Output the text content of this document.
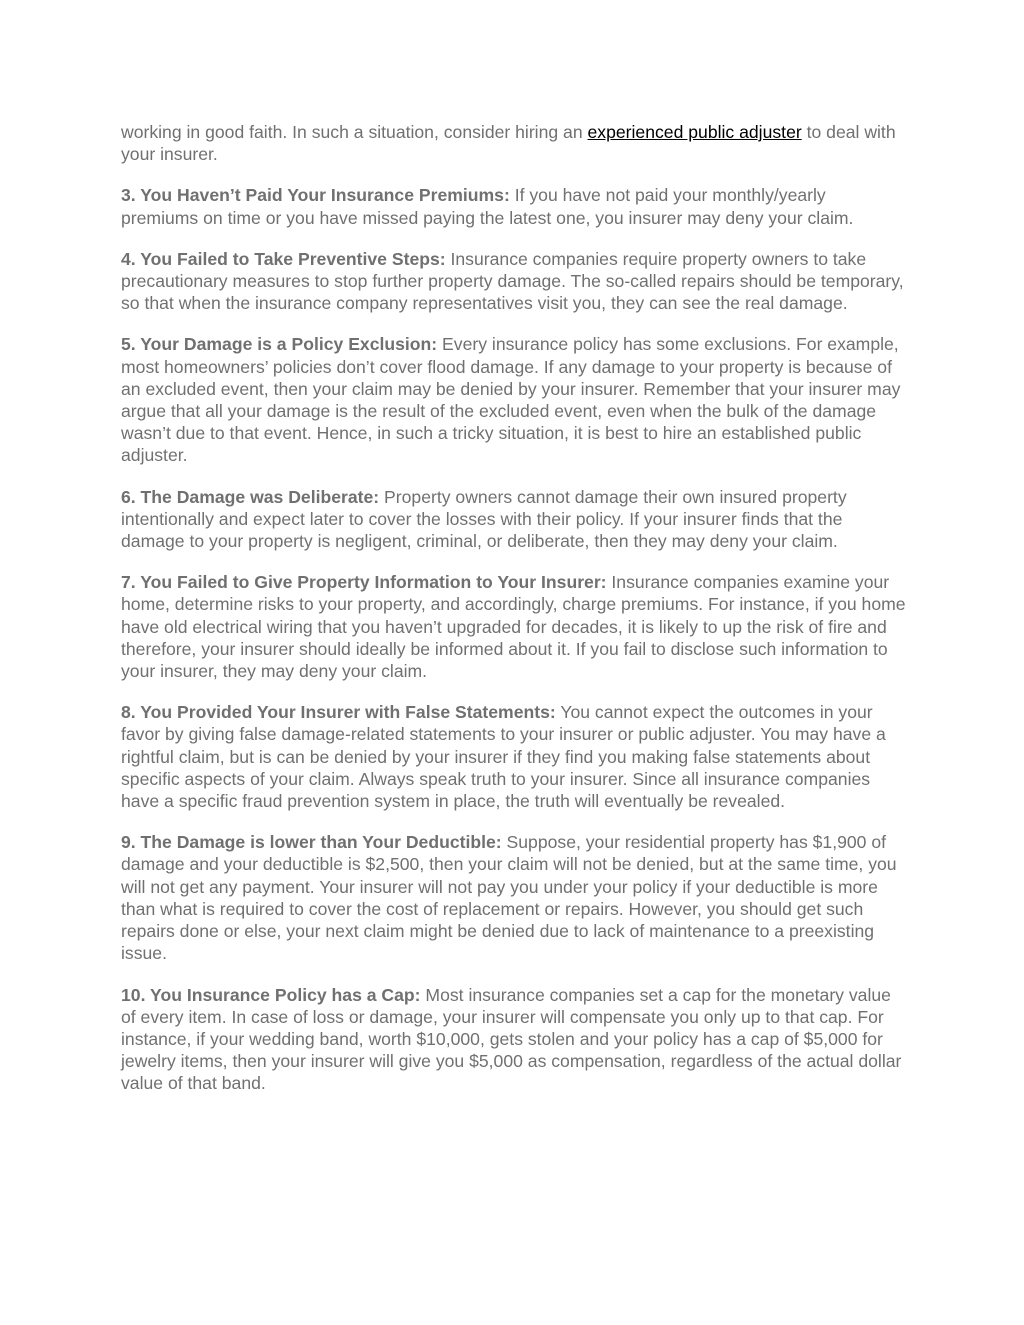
working in good faith. In such a situation, consider hiring an experienced public adjuster to deal with your insurer.

3. You Haven’t Paid Your Insurance Premiums: If you have not paid your monthly/yearly premiums on time or you have missed paying the latest one, you insurer may deny your claim.

4. You Failed to Take Preventive Steps: Insurance companies require property owners to take precautionary measures to stop further property damage. The so-called repairs should be temporary, so that when the insurance company representatives visit you, they can see the real damage.

5. Your Damage is a Policy Exclusion: Every insurance policy has some exclusions. For example, most homeowners’ policies don’t cover flood damage. If any damage to your property is because of an excluded event, then your claim may be denied by your insurer. Remember that your insurer may argue that all your damage is the result of the excluded event, even when the bulk of the damage wasn’t due to that event. Hence, in such a tricky situation, it is best to hire an established public adjuster.

6. The Damage was Deliberate: Property owners cannot damage their own insured property intentionally and expect later to cover the losses with their policy. If your insurer finds that the damage to your property is negligent, criminal, or deliberate, then they may deny your claim.

7. You Failed to Give Property Information to Your Insurer: Insurance companies examine your home, determine risks to your property, and accordingly, charge premiums. For instance, if you home have old electrical wiring that you haven’t upgraded for decades, it is likely to up the risk of fire and therefore, your insurer should ideally be informed about it. If you fail to disclose such information to your insurer, they may deny your claim.

8. You Provided Your Insurer with False Statements: You cannot expect the outcomes in your favor by giving false damage-related statements to your insurer or public adjuster. You may have a rightful claim, but is can be denied by your insurer if they find you making false statements about specific aspects of your claim. Always speak truth to your insurer. Since all insurance companies have a specific fraud prevention system in place, the truth will eventually be revealed.

9. The Damage is lower than Your Deductible: Suppose, your residential property has $1,900 of damage and your deductible is $2,500, then your claim will not be denied, but at the same time, you will not get any payment. Your insurer will not pay you under your policy if your deductible is more than what is required to cover the cost of replacement or repairs. However, you should get such repairs done or else, your next claim might be denied due to lack of maintenance to a preexisting issue.

10. You Insurance Policy has a Cap: Most insurance companies set a cap for the monetary value of every item. In case of loss or damage, your insurer will compensate you only up to that cap. For instance, if your wedding band, worth $10,000, gets stolen and your policy has a cap of $5,000 for jewelry items, then your insurer will give you $5,000 as compensation, regardless of the actual dollar value of that band.
